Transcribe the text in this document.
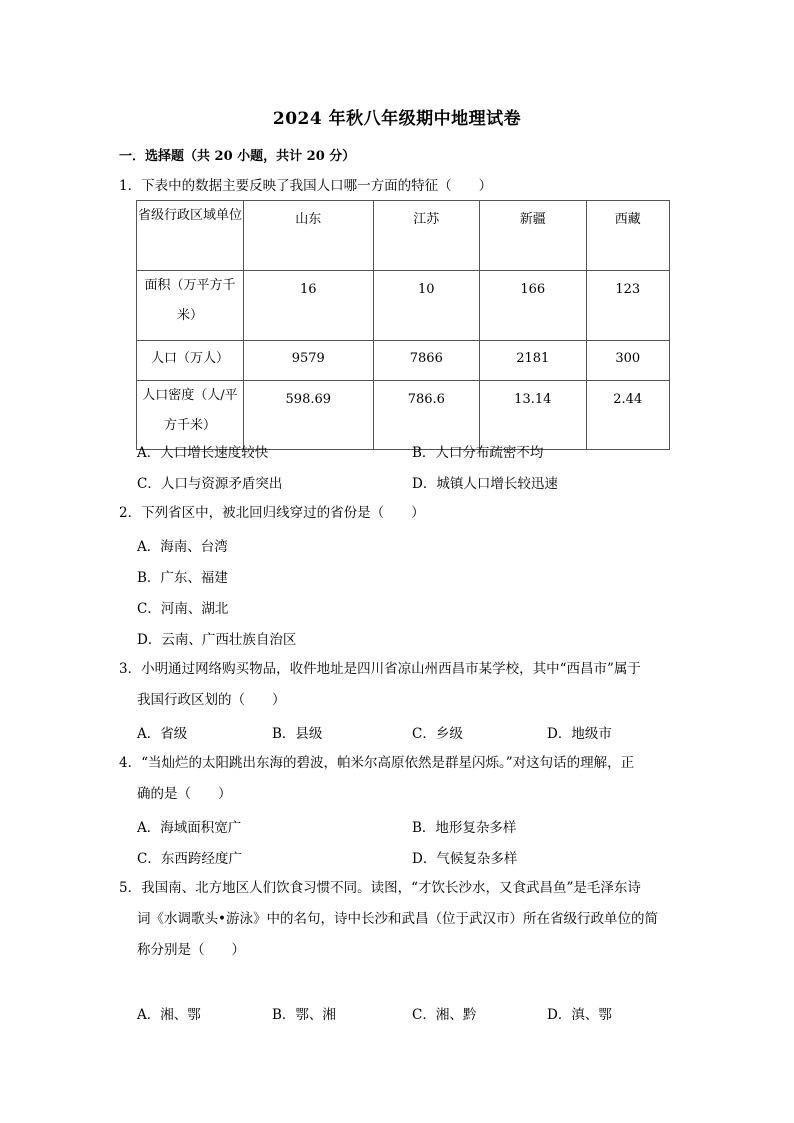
2024 年秋八年级期中地理试卷
一．选择题（共 20 小题，共计 20 分）
1．下表中的数据主要反映了我国人口哪一方面的特征（　　）
省级行政区域单位	山东	江苏	新疆	西藏
面积（万平方千米）	16	10	166	123
人口（万人）	9579	7866	2181	300
人口密度（人/平方千米）	598.69	786.6	13.14	2.44
A．人口增长速度较快	B．人口分布疏密不均
C．人口与资源矛盾突出	D．城镇人口增长较迅速
2．下列省区中，被北回归线穿过的省份是（　　）
A．海南、台湾
B．广东、福建
C．河南、湖北
D．云南、广西壮族自治区
3．小明通过网络购买物品，收件地址是四川省凉山州西昌市某学校，其中“西昌市”属于
我国行政区划的（　　）
A．省级	B．县级	C．乡级	D．地级市
4．“当灿烂的太阳跳出东海的碧波，帕米尔高原依然是群星闪烁。”对这句话的理解，正
确的是（　　）
A．海域面积宽广	B．地形复杂多样
C．东西跨经度广	D．气候复杂多样
5．我国南、北方地区人们饮食习惯不同。读图，“才饮长沙水，又食武昌鱼”是毛泽东诗
词《水调歌头•游泳》中的名句，诗中长沙和武昌（位于武汉市）所在省级行政单位的简
称分别是（　　）
A．湘、鄂	B．鄂、湘	C．湘、黔	D．滇、鄂
